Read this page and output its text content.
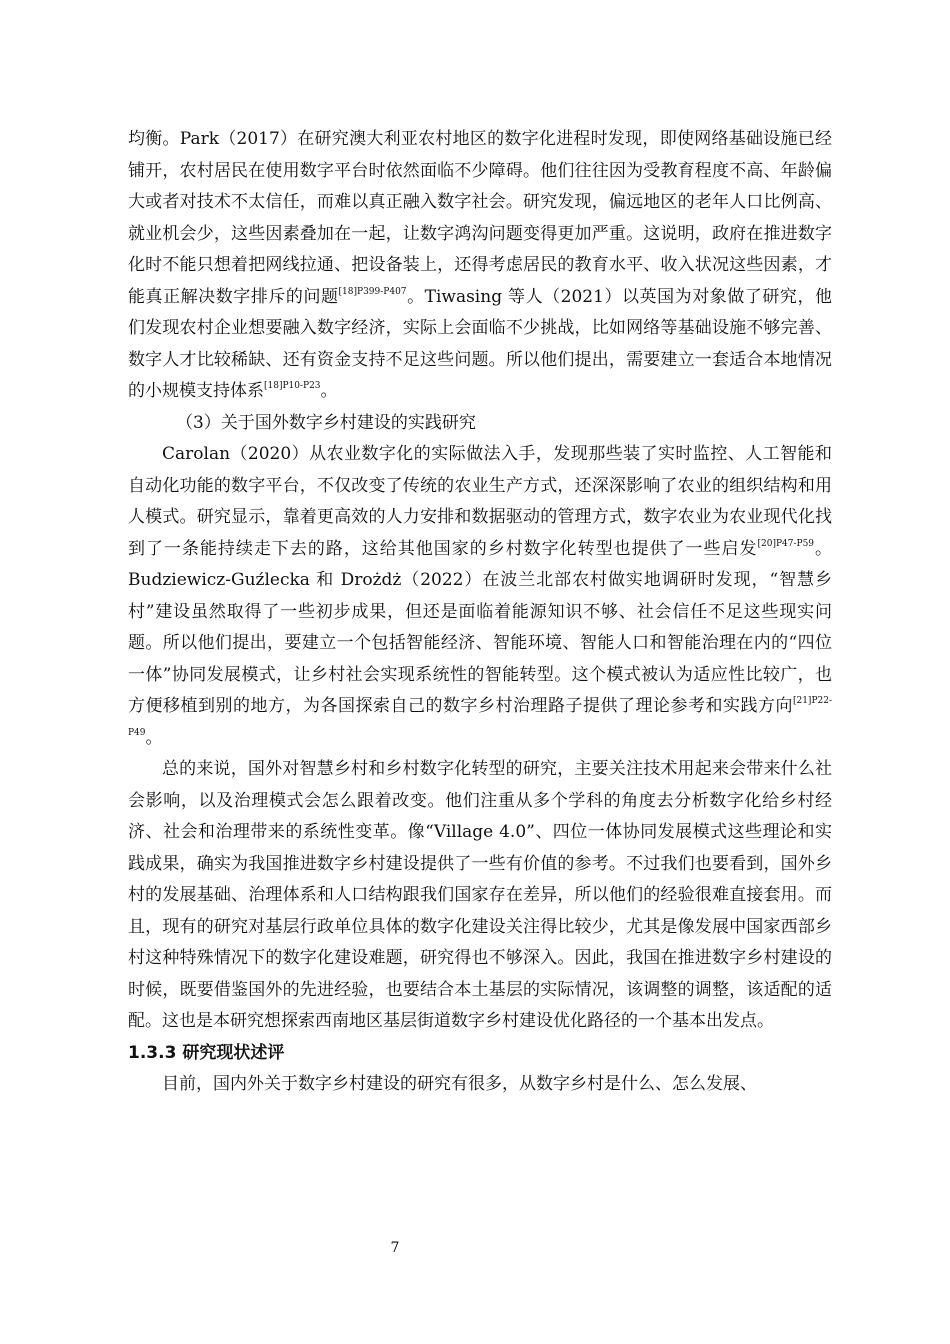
均衡。Park（2017）在研究澳大利亚农村地区的数字化进程时发现，即使网络基础设施已经铺开，农村居民在使用数字平台时依然面临不少障碍。他们往往因为受教育程度不高、年龄偏大或者对技术不太信任，而难以真正融入数字社会。研究发现，偏远地区的老年人口比例高、就业机会少，这些因素叠加在一起，让数字鸿沟问题变得更加严重。这说明，政府在推进数字化时不能只想着把网线拉通、把设备装上，还得考虑居民的教育水平、收入状况这些因素，才能真正解决数字排斥的问题$^{[18]P399-P407}$。Tiwasing 等人（2021）以英国为对象做了研究，他们发现农村企业想要融入数字经济，实际上会面临不少挑战，比如网络等基础设施不够完善、数字人才比较稀缺、还有资金支持不足这些问题。所以他们提出，需要建立一套适合本地情况的小规模支持体系$^{[18]P10-P23}$。

（3）关于国外数字乡村建设的实践研究

Carolan（2020）从农业数字化的实际做法入手，发现那些装了实时监控、人工智能和自动化功能的数字平台，不仅改变了传统的农业生产方式，还深深影响了农业的组织结构和用人模式。研究显示，靠着更高效的人力安排和数据驱动的管理方式，数字农业为农业现代化找到了一条能持续走下去的路，这给其他国家的乡村数字化转型也提供了一些启发$^{[20]P47-P59}$。Budziewicz-Guźlecka 和 Drożdż（2022）在波兰北部农村做实地调研时发现，“智慧乡村”建设虽然取得了一些初步成果，但还是面临着能源知识不够、社会信任不足这些现实问题。所以他们提出，要建立一个包括智能经济、智能环境、智能人口和智能治理在内的“四位一体”协同发展模式，让乡村社会实现系统性的智能转型。这个模式被认为适应性比较广，也方便移植到别的地方，为各国探索自己的数字乡村治理路子提供了理论参考和实践方向$^{[21]P22-P49}$。

总的来说，国外对智慧乡村和乡村数字化转型的研究，主要关注技术用起来会带来什么社会影响，以及治理模式会怎么跟着改变。他们注重从多个学科的角度去分析数字化给乡村经济、社会和治理带来的系统性变革。像“Village 4.0”、四位一体协同发展模式这些理论和实践成果，确实为我国推进数字乡村建设提供了一些有价值的参考。不过我们也要看到，国外乡村的发展基础、治理体系和人口结构跟我们国家存在差异，所以他们的经验很难直接套用。而且，现有的研究对基层行政单位具体的数字化建设关注得比较少，尤其是像发展中国家西部乡村这种特殊情况下的数字化建设难题，研究得也不够深入。因此，我国在推进数字乡村建设的时候，既要借鉴国外的先进经验，也要结合本土基层的实际情况，该调整的调整，该适配的适配。这也是本研究想探索西南地区基层街道数字乡村建设优化路径的一个基本出发点。

1.3.3 研究现状述评

目前，国内外关于数字乡村建设的研究有很多，从数字乡村是什么、怎么发展、

7
